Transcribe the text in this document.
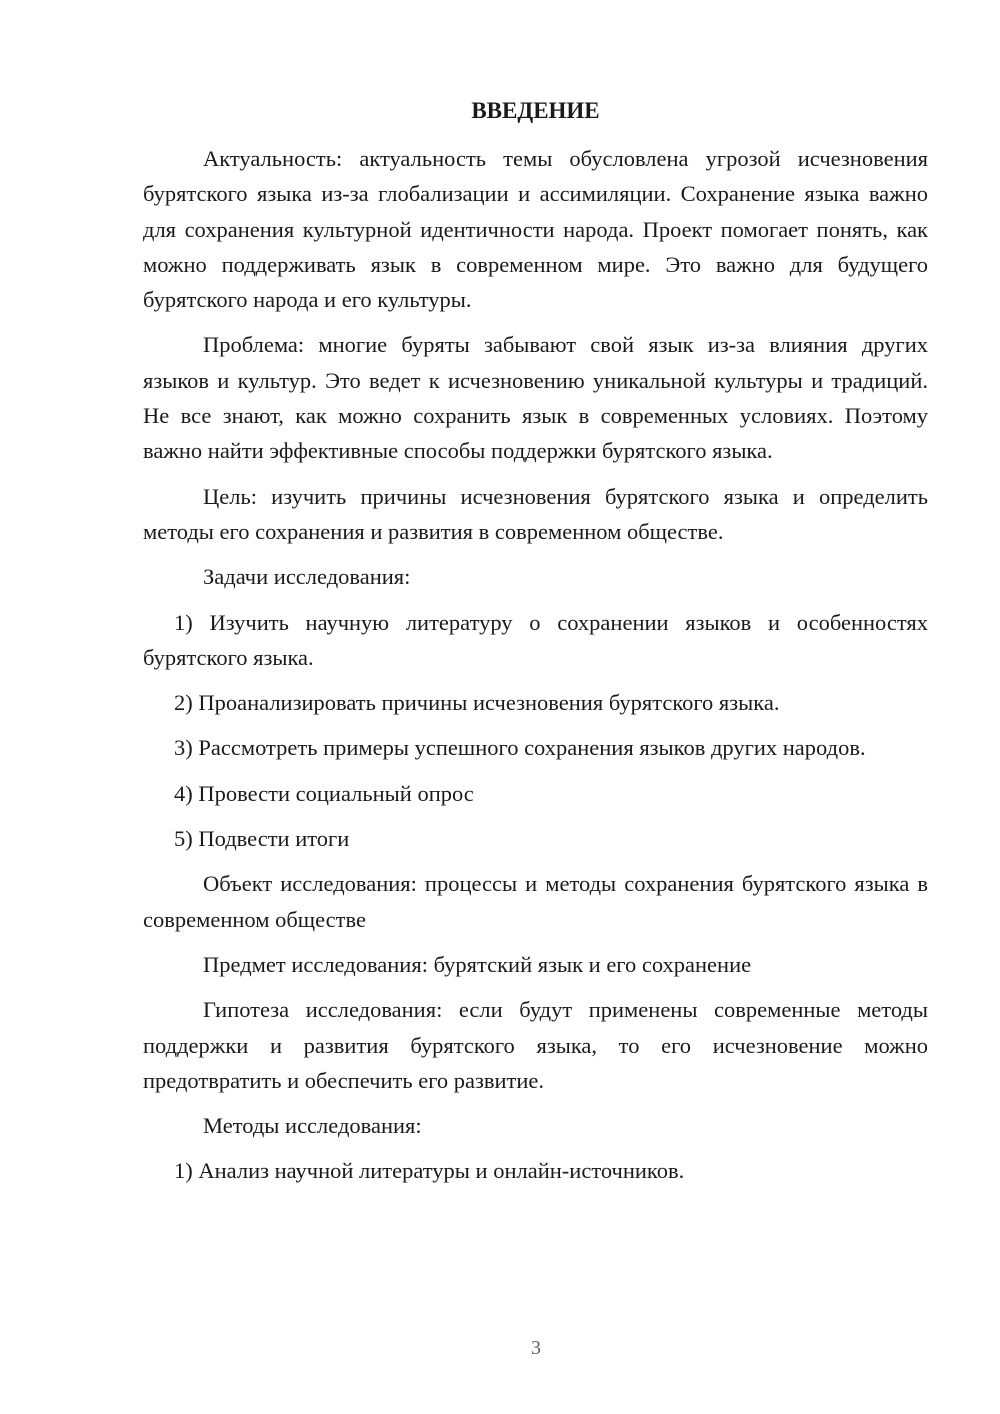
ВВЕДЕНИЕ

Актуальность: актуальность темы обусловлена угрозой исчезновения бурятского языка из-за глобализации и ассимиляции. Сохранение языка важно для сохранения культурной идентичности народа. Проект помогает понять, как можно поддерживать язык в современном мире. Это важно для будущего бурятского народа и его культуры.

Проблема: многие буряты забывают свой язык из-за влияния других языков и культур. Это ведет к исчезновению уникальной культуры и традиций. Не все знают, как можно сохранить язык в современных условиях. Поэтому важно найти эффективные способы поддержки бурятского языка.

Цель: изучить причины исчезновения бурятского языка и определить методы его сохранения и развития в современном обществе.

Задачи исследования:

1) Изучить научную литературу о сохранении языков и особенностях бурятского языка.

2) Проанализировать причины исчезновения бурятского языка.

3) Рассмотреть примеры успешного сохранения языков других народов.

4) Провести социальный опрос

5) Подвести итоги

Объект исследования: процессы и методы сохранения бурятского языка в современном обществе

Предмет исследования: бурятский язык и его сохранение

Гипотеза исследования: если будут применены современные методы поддержки и развития бурятского языка, то его исчезновение можно предотвратить и обеспечить его развитие.

Методы исследования:

1) Анализ научной литературы и онлайн-источников.

3
